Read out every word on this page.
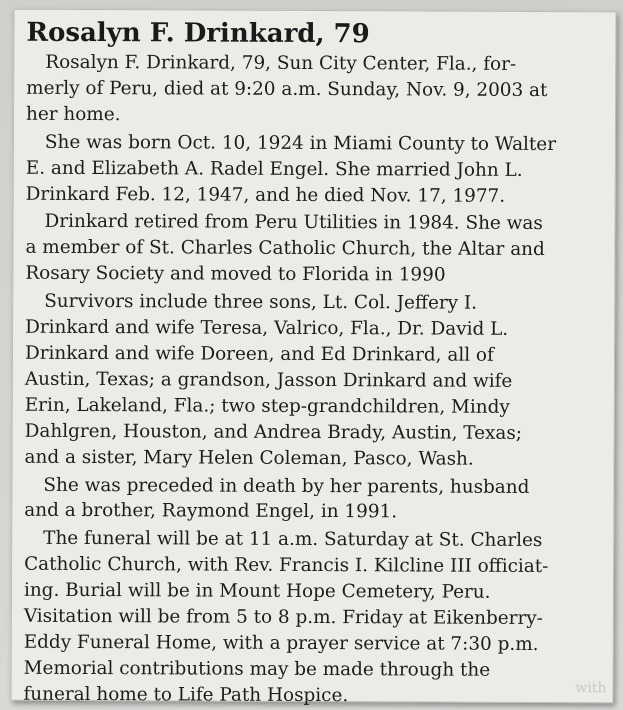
Rosalyn F. Drinkard, 79

Rosalyn F. Drinkard, 79, Sun City Center, Fla., for-
merly of Peru, died at 9:20 a.m. Sunday, Nov. 9, 2003 at
her home.

She was born Oct. 10, 1924 in Miami County to Walter
E. and Elizabeth A. Radel Engel. She married John L.
Drinkard Feb. 12, 1947, and he died Nov. 17, 1977.

Drinkard retired from Peru Utilities in 1984. She was
a member of St. Charles Catholic Church, the Altar and
Rosary Society and moved to Florida in 1990

Survivors include three sons, Lt. Col. Jeffery I.
Drinkard and wife Teresa, Valrico, Fla., Dr. David L.
Drinkard and wife Doreen, and Ed Drinkard, all of
Austin, Texas; a grandson, Jasson Drinkard and wife
Erin, Lakeland, Fla.; two step-grandchildren, Mindy
Dahlgren, Houston, and Andrea Brady, Austin, Texas;
and a sister, Mary Helen Coleman, Pasco, Wash.

She was preceded in death by her parents, husband
and a brother, Raymond Engel, in 1991.

The funeral will be at 11 a.m. Saturday at St. Charles
Catholic Church, with Rev. Francis I. Kilcline III officiat-
ing. Burial will be in Mount Hope Cemetery, Peru.
Visitation will be from 5 to 8 p.m. Friday at Eikenberry-
Eddy Funeral Home, with a prayer service at 7:30 p.m.
Memorial contributions may be made through the
funeral home to Life Path Hospice.	with
